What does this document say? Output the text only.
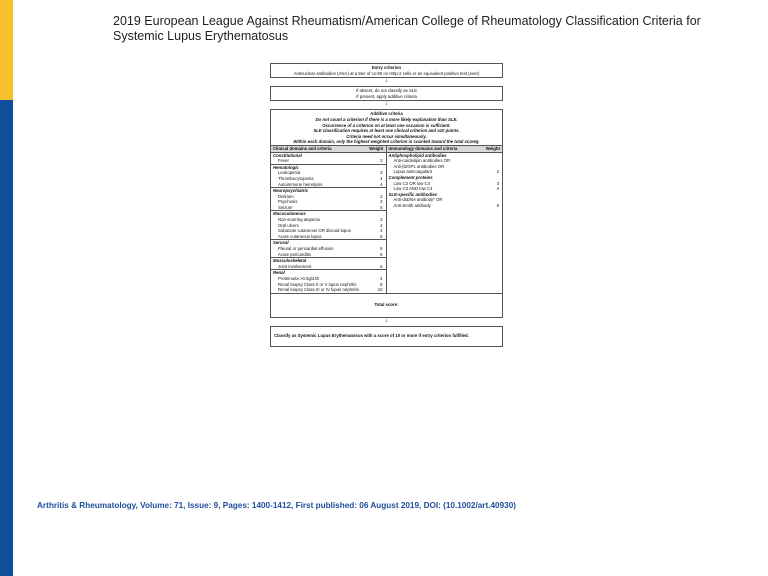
2019 European League Against Rheumatism/American College of Rheumatology Classification Criteria for
Systemic Lupus Erythematosus
Entry criterion
Antinuclear antibodies (ANA) at a titer of ≥1:80 on HEp-2 cells or an equivalent positive test (ever)
↓
If absent, do not classify as SLE
If present, apply additive criteria
↓
Additive criteria
Do not count a criterion if there is a more likely explanation than SLE.
Occurrence of a criterion on at least one occasion is sufficient.
SLE classification requires at least one clinical criterion and ≥10 points.
Criteria need not occur simultaneously.
Within each domain, only the highest weighted criterion is counted toward the total score§.
Clinical domains and criteria	Weight
Constitutional
Fever	2
Hematologic
Leukopenia	3
Thrombocytopenia	4
Autoimmune hemolysis	4
Neuropsychiatric
Delirium	2
Psychosis	3
Seizure	5
Mucocutaneous
Non-scarring alopecia	2
Oral ulcers	2
Subacute cutaneous OR discoid lupus	4
Acute cutaneous lupus	6
Serosal
Pleural or pericardial effusion	5
Acute pericarditis	6
Musculoskeletal
Joint involvement	6
Renal
Proteinuria >0.5g/24h	4
Renal biopsy Class II or V lupus nephritis	8
Renal biopsy Class III or IV lupus nephritis	10
Immunology domains and criteria	Weight
Antiphospholipid antibodies
Anti-cardiolipin antibodies OR
Anti-β2GP1 antibodies OR
Lupus anticoagulant	2
Complement proteins
Low C3 OR low C4	3
Low C3 AND low C4	4
SLE-specific antibodies
Anti-dsDNA antibody* OR
Anti-Smith antibody	6
Total score:
↓
Classify as Systemic Lupus Erythematosus with a score of 10 or more if entry criterion fulfilled.
Arthritis & Rheumatology, Volume: 71, Issue: 9, Pages: 1400-1412, First published: 06 August 2019, DOI: (10.1002/art.40930)
